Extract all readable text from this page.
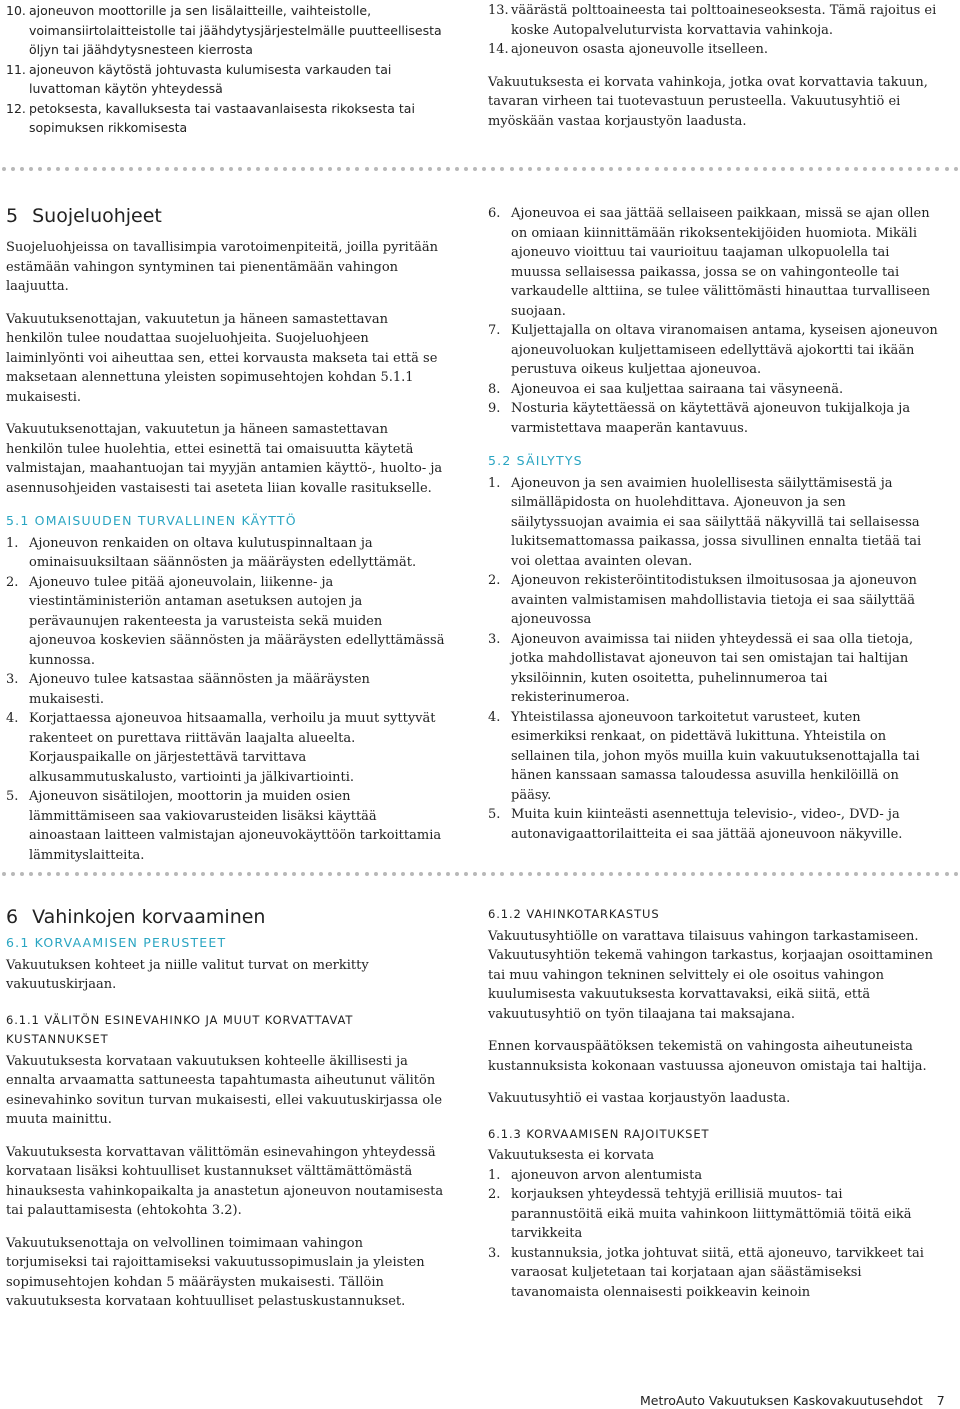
10. ajoneuvon moottorille ja sen lisälaitteille, vaihteistolle, voimansiirtolaitteistolle tai jäähdytysjärjestelmälle puutteellisesta öljyn tai jäähdytysnesteen kierrosta
11. ajoneuvon käytöstä johtuvasta kulumisesta varkauden tai luvattoman käytön yhteydessä
12. petoksesta, kavalluksesta tai vastaavanlaisesta rikoksesta tai sopimuksen rikkomisesta
13. väärästä polttoaineesta tai polttoaineseoksesta. Tämä rajoitus ei koske Autopalveluturvista korvattavia vahinkoja.
14. ajoneuvon osasta ajoneuvolle itselleen.

Vakuutuksesta ei korvata vahinkoja, jotka ovat korvattavia takuun, tavaran virheen tai tuotevastuun perusteella. Vakuutusyhtiö ei myöskään vastaa korjaustyön laadusta.

5 Suojeluohjeet

Suojeluohjeissa on tavallisimpia varotoimenpiteitä, joilla pyritään estämään vahingon syntyminen tai pienentämään vahingon laajuutta.

Vakuutuksenottajan, vakuutetun ja häneen samastettavan henkilön tulee noudattaa suojeluohjeita. Suojeluohjeen laiminlyönti voi aiheuttaa sen, ettei korvausta makseta tai että se maksetaan alennettuna yleisten sopimusehtojen kohdan 5.1.1 mukaisesti.

Vakuutuksenottajan, vakuutetun ja häneen samastettavan henkilön tulee huolehtia, ettei esinettä tai omaisuutta käytetä valmistajan, maahantuojan tai myyjän antamien käyttö-, huolto- ja asennusohjeiden vastaisesti tai aseteta liian kovalle rasitukselle.

5.1 OMAISUUDEN TURVALLINEN KÄYTTÖ
1. Ajoneuvon renkaiden on oltava kulutuspinnaltaan ja ominaisuuksiltaan säännösten ja määräysten edellyttämät.
2. Ajoneuvo tulee pitää ajoneuvolain, liikenne- ja viestintäministeriön antaman asetuksen autojen ja perävaunujen rakenteesta ja varusteista sekä muiden ajoneuvoa koskevien säännösten ja määräysten edellyttämässä kunnossa.
3. Ajoneuvo tulee katsastaa säännösten ja määräysten mukaisesti.
4. Korjattaessa ajoneuvoa hitsaamalla, verhoilu ja muut syttyvät rakenteet on purettava riittävän laajalta alueelta. Korjauspaikalle on järjestettävä tarvittava alkusammutuskalusto, vartiointi ja jälkivartiointi.
5. Ajoneuvon sisätilojen, moottorin ja muiden osien lämmittämiseen saa vakiovarusteiden lisäksi käyttää ainoastaan laitteen valmistajan ajoneuvokäyttöön tarkoittamia lämmityslaitteita.
6. Ajoneuvoa ei saa jättää sellaiseen paikkaan, missä se ajan ollen on omiaan kiinnittämään rikoksentekijöiden huomiota. Mikäli ajoneuvo vioittuu tai vaurioituu taajaman ulkopuolella tai muussa sellaisessa paikassa, jossa se on vahingonteolle tai varkaudelle alttiina, se tulee välittömästi hinauttaa turvalliseen suojaan.
7. Kuljettajalla on oltava viranomaisen antama, kyseisen ajoneuvon ajoneuvoluokan kuljettamiseen edellyttävä ajokortti tai ikään perustuva oikeus kuljettaa ajoneuvoa.
8. Ajoneuvoa ei saa kuljettaa sairaana tai väsyneenä.
9. Nosturia käytettäessä on käytettävä ajoneuvon tukijalkoja ja varmistettava maaperän kantavuus.
5.2 SÄILYTYS
1. Ajoneuvon ja sen avaimien huolellisesta säilyttämisestä ja silmälläpidosta on huolehdittava. Ajoneuvon ja sen säilytyssuojan avaimia ei saa säilyttää näkyvillä tai sellaisessa lukitsemattomassa paikassa, jossa sivullinen ennalta tietää tai voi olettaa avainten olevan.
2. Ajoneuvon rekisteröintitodistuksen ilmoitusosaa ja ajoneuvon avainten valmistamisen mahdollistavia tietoja ei saa säilyttää ajoneuvossa
3. Ajoneuvon avaimissa tai niiden yhteydessä ei saa olla tietoja, jotka mahdollistavat ajoneuvon tai sen omistajan tai haltijan yksilöinnin, kuten osoitetta, puhelinnumeroa tai rekisterinumeroa.
4. Yhteistilassa ajoneuvoon tarkoitetut varusteet, kuten esimerkiksi renkaat, on pidettävä lukittuna. Yhteistila on sellainen tila, johon myös muilla kuin vakuutuksenottajalla tai hänen kanssaan samassa taloudessa asuvilla henkilöillä on pääsy.
5. Muita kuin kiinteästi asennettuja televisio-, video-, DVD- ja autonavigaattorilaitteita ei saa jättää ajoneuvoon näkyville.
6 Vahinkojen korvaaminen
6.1 KORVAAMISEN PERUSTEET

Vakuutuksen kohteet ja niille valitut turvat on merkitty vakuutuskirjaan.

6.1.1 VÄLITÖN ESINEVAHINKO JA MUUT KORVATTAVAT KUSTANNUKSET

Vakuutuksesta korvataan vakuutuksen kohteelle äkillisesti ja ennalta arvaamatta sattuneesta tapahtumasta aiheutunut välitön esinevahinko sovitun turvan mukaisesti, ellei vakuutuskirjassa ole muuta mainittu.

Vakuutuksesta korvattavan välittömän esinevahingon yhteydessä korvataan lisäksi kohtuulliset kustannukset välttämättömästä hinauksesta vahinkopaikalta ja anastetun ajoneuvon noutamisesta tai palauttamisesta (ehtokohta 3.2).

Vakuutuksenottaja on velvollinen toimimaan vahingon torjumiseksi tai rajoittamiseksi vakuutussopimuslain ja yleisten sopimusehtojen kohdan 5 määräysten mukaisesti. Tällöin vakuutuksesta korvataan kohtuulliset pelastuskustannukset.

6.1.2 VAHINKOTARKASTUS

Vakuutusyhtiölle on varattava tilaisuus vahingon tarkastamiseen. Vakuutusyhtiön tekemä vahingon tarkastus, korjaajan osoittaminen tai muu vahingon tekninen selvittely ei ole osoitus vahingon kuulumisesta vakuutuksesta korvattavaksi, eikä siitä, että vakuutusyhtiö on työn tilaajana tai maksajana.

Ennen korvauspäätöksen tekemistä on vahingosta aiheutuneista kustannuksista kokonaan vastuussa ajoneuvon omistaja tai haltija.

Vakuutusyhtiö ei vastaa korjaustyön laadusta.

6.1.3 KORVAAMISEN RAJOITUKSET

Vakuutuksesta ei korvata

1. ajoneuvon arvon alentumista
2. korjauksen yhteydessä tehtyjä erillisiä muutos- tai parannustöitä eikä muita vahinkoon liittymättömiä töitä eikä tarvikkeita
3. kustannuksia, jotka johtuvat siitä, että ajoneuvo, tarvikkeet tai varaosat kuljetetaan tai korjataan ajan säästämiseksi tavanomaista olennaisesti poikkeavin keinoin
MetroAuto Vakuutuksen Kaskovakuutusehdot 7
